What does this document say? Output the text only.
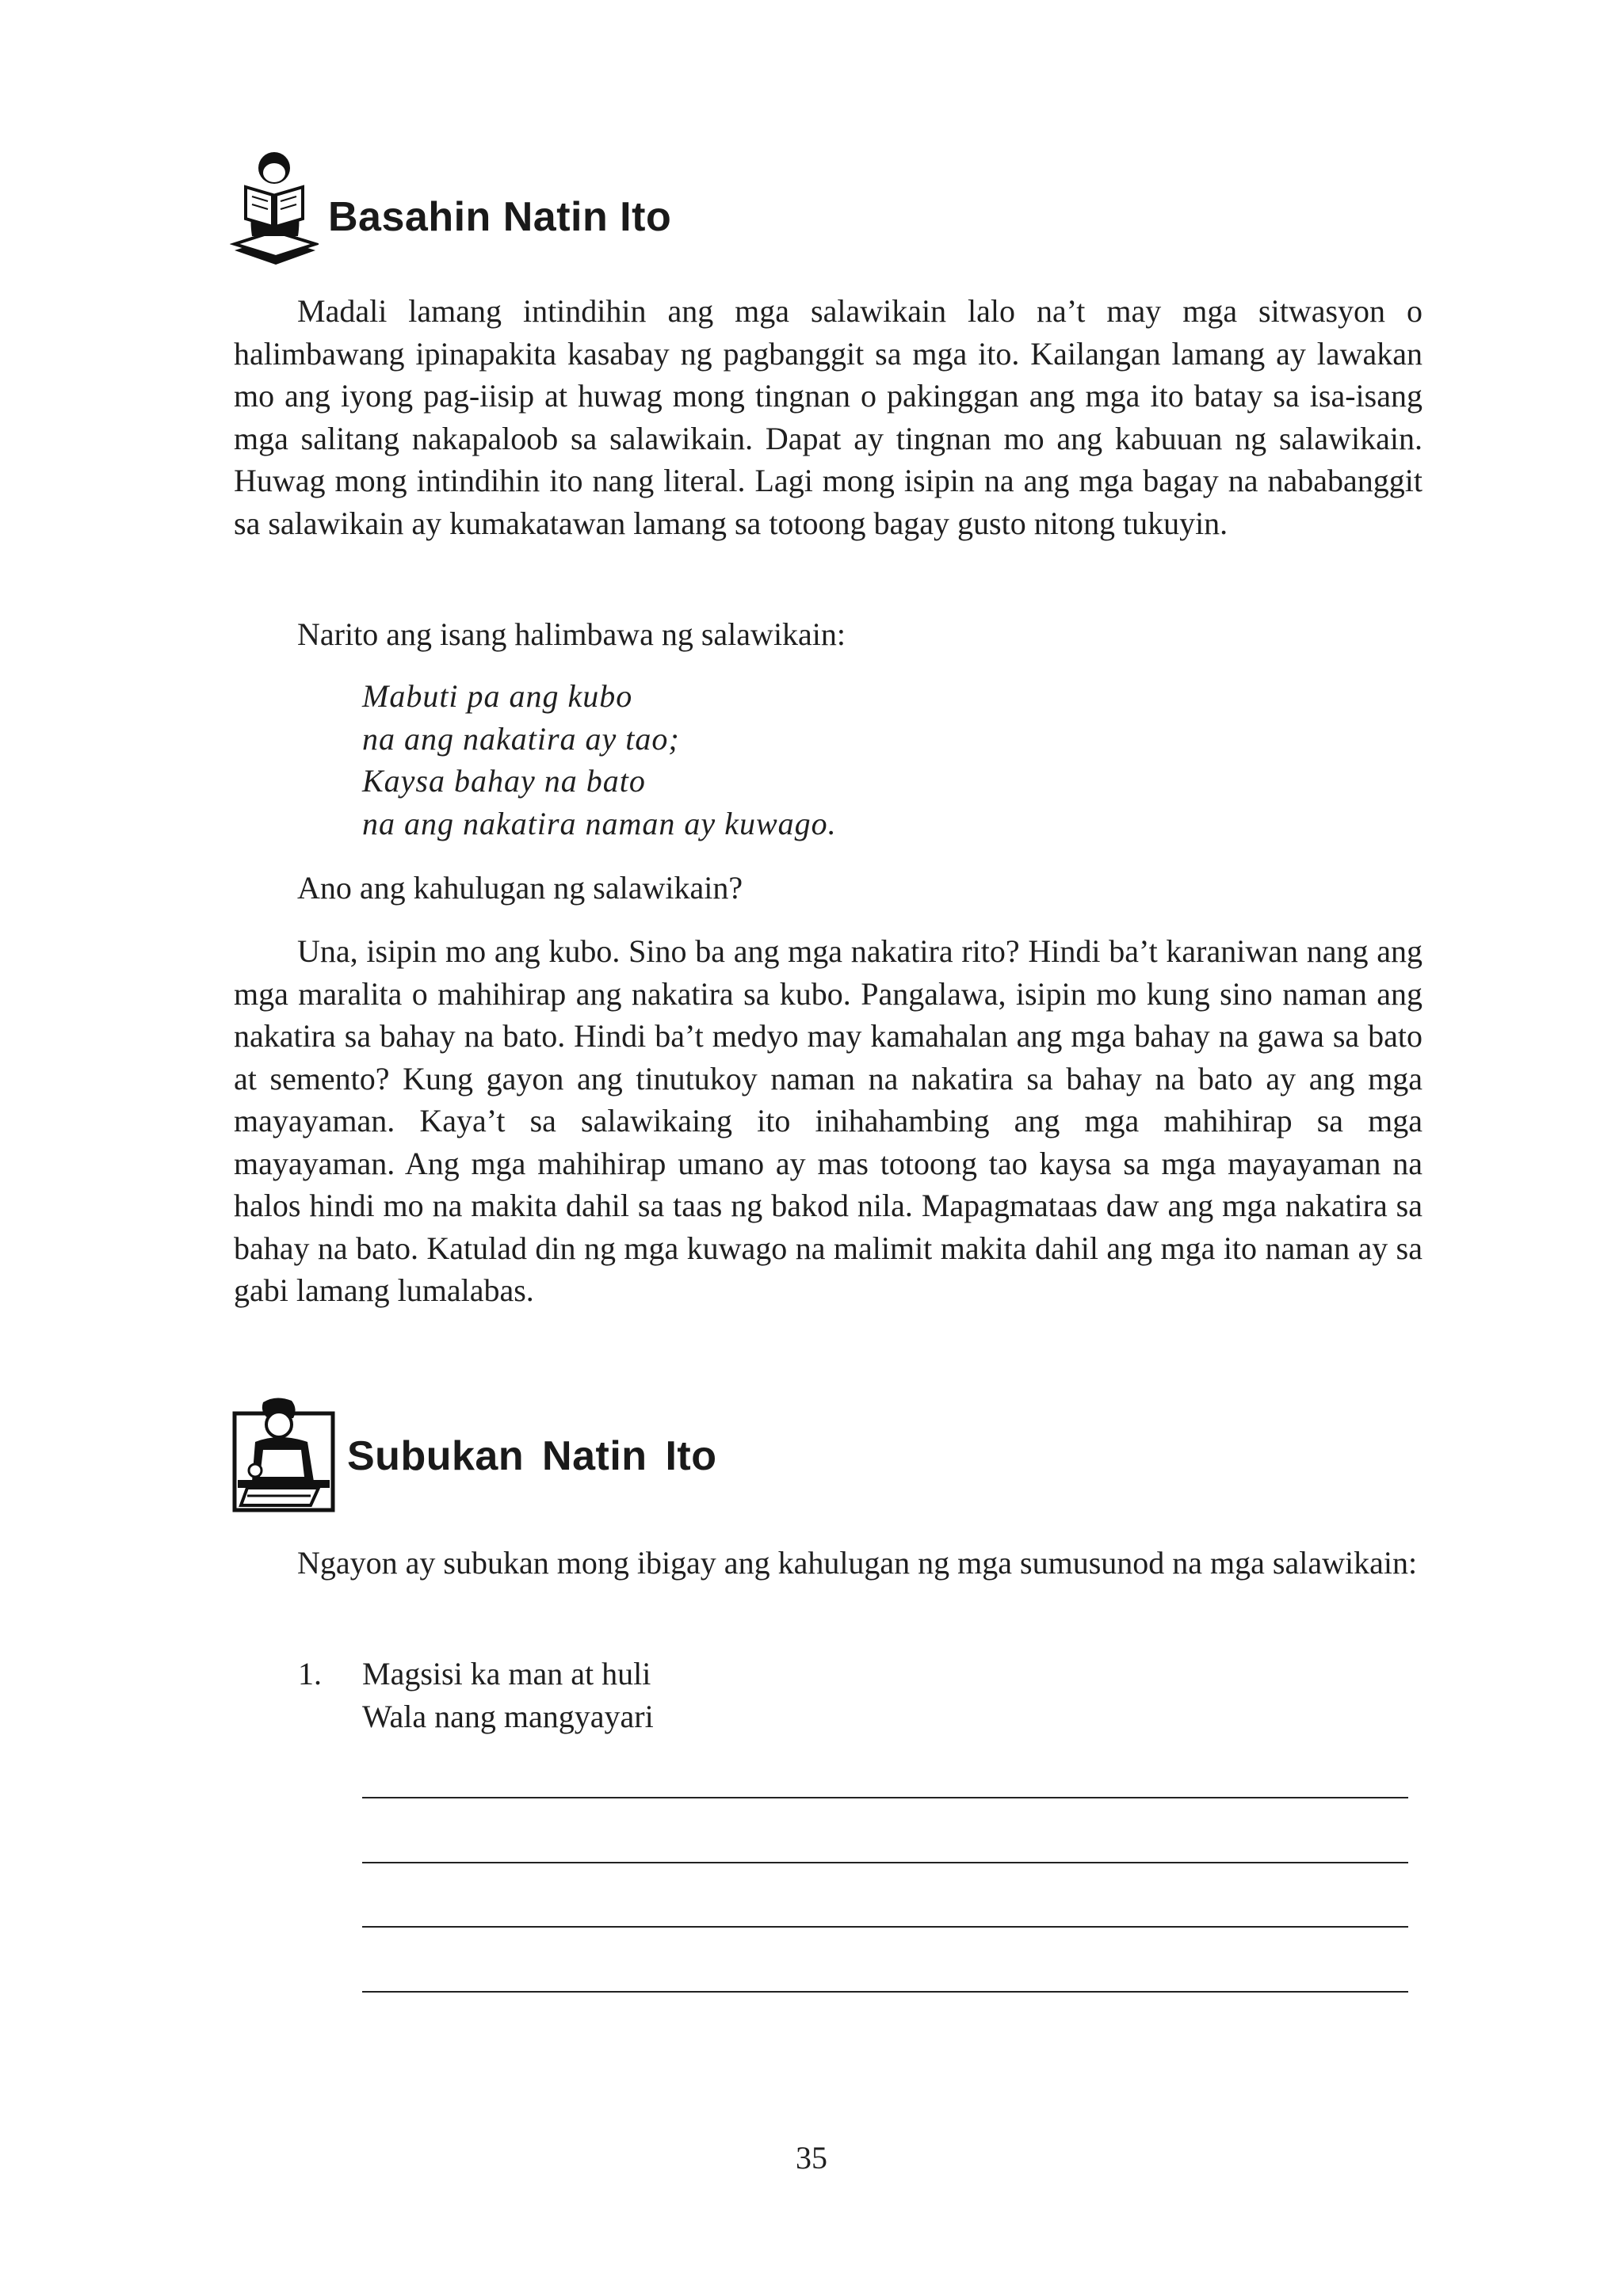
Basahin Natin Ito

Madali lamang intindihin ang mga salawikain lalo na’t may mga sitwasyon o halimbawang ipinapakita kasabay ng pagbanggit sa mga ito. Kailangan lamang ay lawakan mo ang iyong pag-iisip at huwag mong tingnan o pakinggan ang mga ito batay sa isa-isang mga salitang nakapaloob sa salawikain. Dapat ay tingnan mo ang kabuuan ng salawikain. Huwag mong intindihin ito nang literal. Lagi mong isipin na ang mga bagay na nababanggit sa salawikain ay kumakatawan lamang sa totoong bagay gusto nitong tukuyin.

Narito ang isang halimbawa ng salawikain:

Mabuti pa ang kubo
na ang nakatira ay tao;
Kaysa bahay na bato
na ang nakatira naman ay kuwago.

Ano ang kahulugan ng salawikain?

Una, isipin mo ang kubo. Sino ba ang mga nakatira rito? Hindi ba’t karaniwan nang ang mga maralita o mahihirap ang nakatira sa kubo. Pangalawa, isipin mo kung sino naman ang nakatira sa bahay na bato. Hindi ba’t medyo may kamahalan ang mga bahay na gawa sa bato at semento? Kung gayon ang tinutukoy naman na nakatira sa bahay na bato ay ang mga mayayaman. Kaya’t sa salawikaing ito inihahambing ang mga mahihirap sa mga mayayaman. Ang mga mahihirap umano ay mas totoong tao kaysa sa mga mayayaman na halos hindi mo na makita dahil sa taas ng bakod nila. Mapagmataas daw ang mga nakatira sa bahay na bato. Katulad din ng mga kuwago na malimit makita dahil ang mga ito naman ay sa gabi lamang lumalabas.

Subukan Natin Ito

Ngayon ay subukan mong ibigay ang kahulugan ng mga sumusunod na mga salawikain:

1.	Magsisi ka man at huli
Wala nang mangyayari
35
